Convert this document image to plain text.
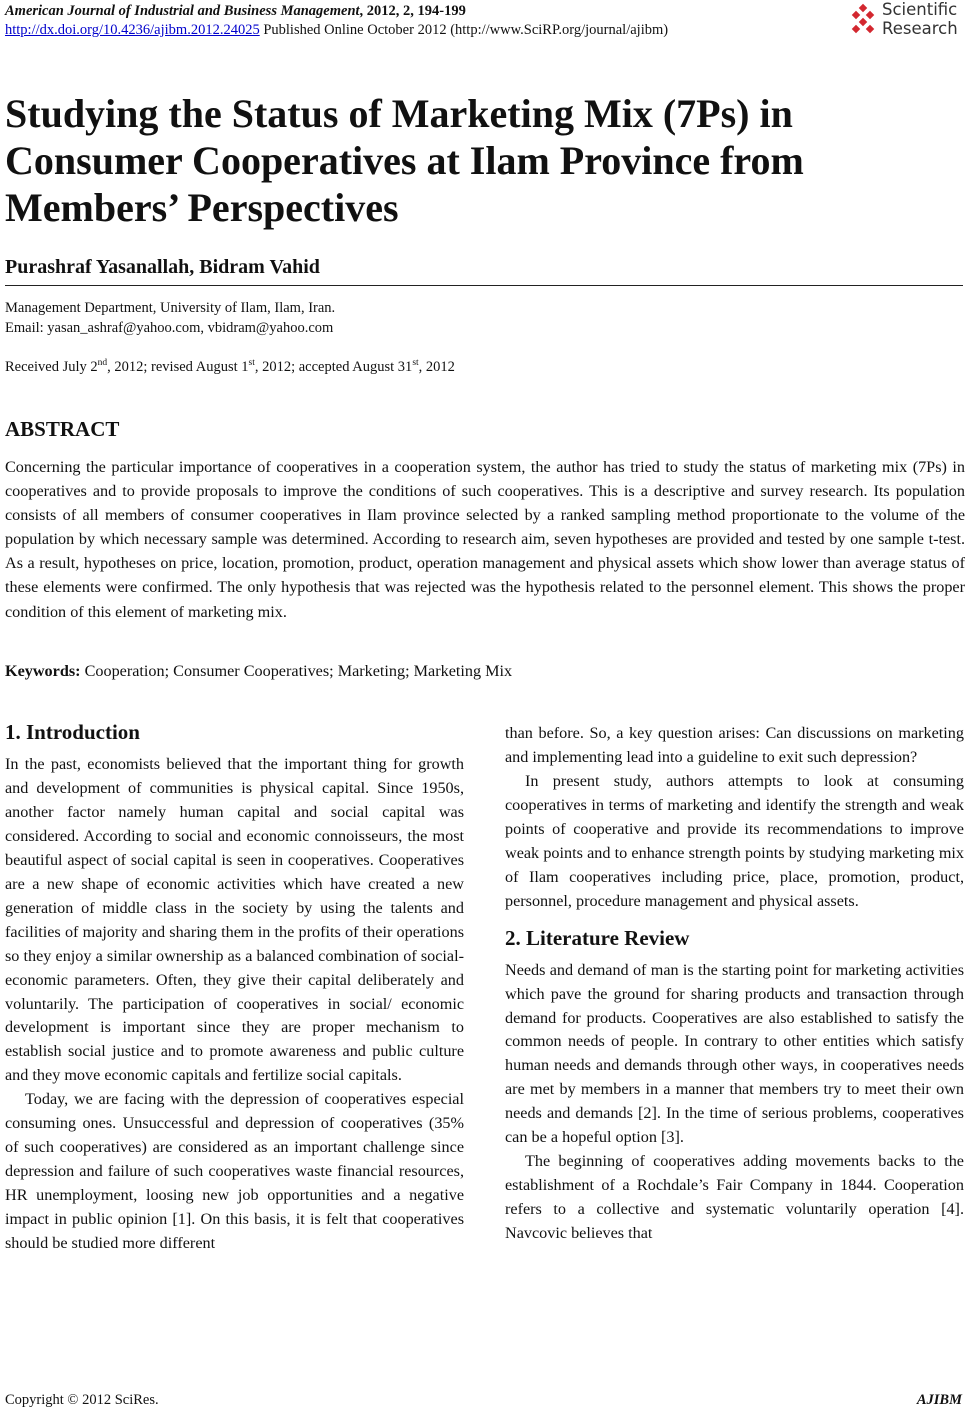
American Journal of Industrial and Business Management, 2012, 2, 194-199
http://dx.doi.org/10.4236/ajibm.2012.24025 Published Online October 2012 (http://www.SciRP.org/journal/ajibm)
Scientific
Research
Studying the Status of Marketing Mix (7Ps) in Consumer Cooperatives at Ilam Province from Members’ Perspectives
Purashraf Yasanallah, Bidram Vahid
Management Department, University of Ilam, Ilam, Iran.
Email: yasan_ashraf@yahoo.com, vbidram@yahoo.com
Received July 2nd, 2012; revised August 1st, 2012; accepted August 31st, 2012
ABSTRACT

Concerning the particular importance of cooperatives in a cooperation system, the author has tried to study the status of marketing mix (7Ps) in cooperatives and to provide proposals to improve the conditions of such cooperatives. This is a descriptive and survey research. Its population consists of all members of consumer cooperatives in Ilam province selected by a ranked sampling method proportionate to the volume of the population by which necessary sample was determined. According to research aim, seven hypotheses are provided and tested by one sample t-test. As a result, hypotheses on price, location, promotion, product, operation management and physical assets which show lower than average status of these elements were confirmed. The only hypothesis that was rejected was the hypothesis related to the personnel element. This shows the proper condition of this element of marketing mix.

Keywords: Cooperation; Consumer Cooperatives; Marketing; Marketing Mix
1. Introduction

In the past, economists believed that the important thing for growth and development of communities is physical capital. Since 1950s, another factor namely human capital and social capital was considered. According to social and economic connoisseurs, the most beautiful aspect of social capital is seen in cooperatives. Cooperatives are a new shape of economic activities which have created a new generation of middle class in the society by using the talents and facilities of majority and sharing them in the profits of their operations so they enjoy a similar ownership as a balanced combination of social-economic parameters. Often, they give their capital deliberately and voluntarily. The participation of cooperatives in social/ economic development is important since they are proper mechanism to establish social justice and to promote awareness and public culture and they move economic capitals and fertilize social capitals.

Today, we are facing with the depression of cooperatives especial consuming ones. Unsuccessful and depression of cooperatives (35% of such cooperatives) are considered as an important challenge since depression and failure of such cooperatives waste financial resources, HR unemployment, loosing new job opportunities and a negative impact in public opinion [1]. On this basis, it is felt that cooperatives should be studied more different

than before. So, a key question arises: Can discussions on marketing and implementing lead into a guideline to exit such depression?

In present study, authors attempts to look at consuming cooperatives in terms of marketing and identify the strength and weak points of cooperative and provide its recommendations to improve weak points and to enhance strength points by studying marketing mix of Ilam cooperatives including price, place, promotion, product, personnel, procedure management and physical assets.

2. Literature Review

Needs and demand of man is the starting point for marketing activities which pave the ground for sharing products and transaction through demand for products. Cooperatives are also established to satisfy the common needs of people. In contrary to other entities which satisfy human needs and demands through other ways, in cooperatives needs are met by members in a manner that members try to meet their own needs and demands [2]. In the time of serious problems, cooperatives can be a hopeful option [3].

The beginning of cooperatives adding movements backs to the establishment of a Rochdale’s Fair Company in 1844. Cooperation refers to a collective and systematic voluntarily operation [4]. Navcovic believes that

Copyright © 2012 SciRes.	AJIBM
